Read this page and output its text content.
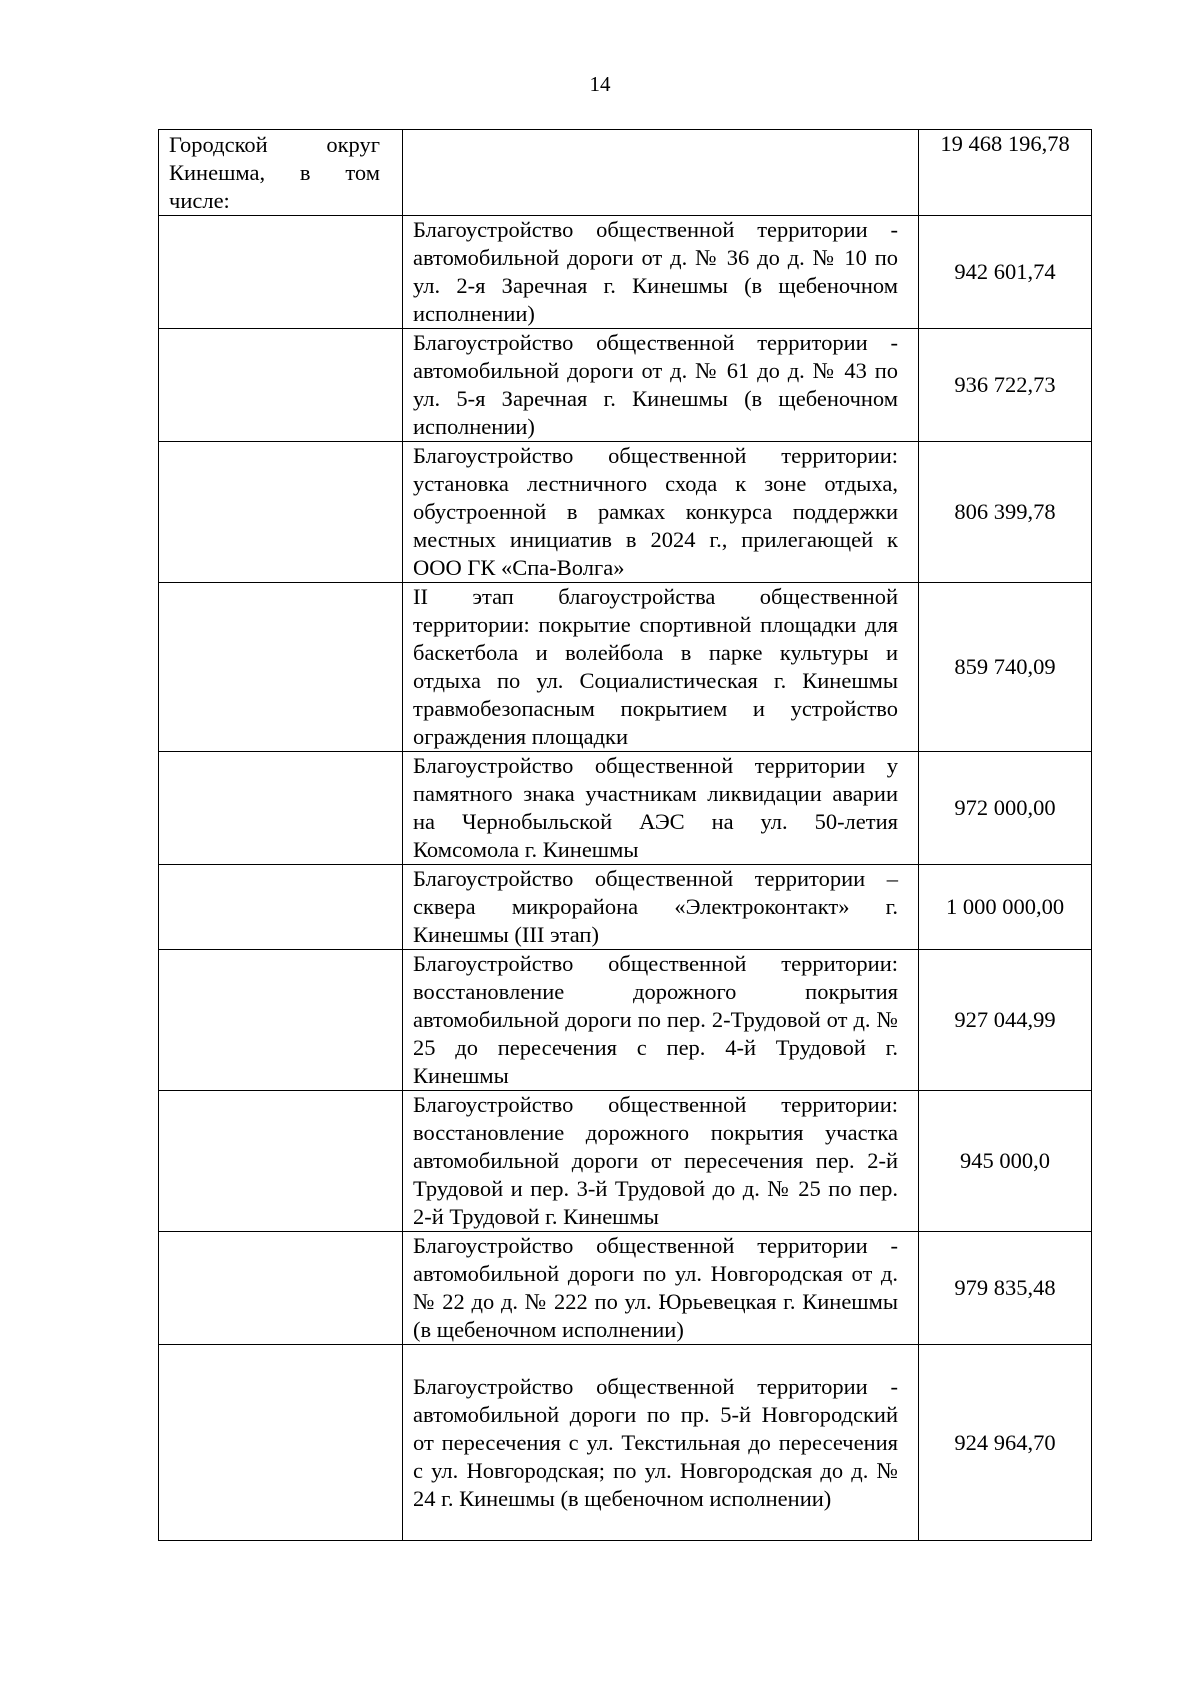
14
Городской округ Кинешма, в том числе:		19 468 196,78
	Благоустройство общественной территории - автомобильной дороги от д. № 36 до д. № 10 по ул. 2-я Заречная г. Кинешмы (в щебеночном исполнении)	942 601,74
	Благоустройство общественной территории - автомобильной дороги от д. № 61 до д. № 43 по ул. 5-я Заречная г. Кинешмы (в щебеночном исполнении)	936 722,73
	Благоустройство общественной территории: установка лестничного схода к зоне отдыха, обустроенной в рамках конкурса поддержки местных инициатив в 2024 г., прилегающей к ООО ГК «Спа-Волга»	806 399,78
	II этап благоустройства общественной территории: покрытие спортивной площадки для баскетбола и волейбола в парке культуры и отдыха по ул. Социалистическая г. Кинешмы травмобезопасным покрытием и устройство ограждения площадки	859 740,09
	Благоустройство общественной территории у памятного знака участникам ликвидации аварии на Чернобыльской АЭС на ул. 50-летия Комсомола г. Кинешмы	972 000,00
	Благоустройство общественной территории – сквера микрорайона «Электроконтакт» г. Кинешмы (III этап)	1 000 000,00
	Благоустройство общественной территории: восстановление дорожного покрытия автомобильной дороги по пер. 2-Трудовой от д. № 25 до пересечения с пер. 4-й Трудовой г. Кинешмы	927 044,99
	Благоустройство общественной территории: восстановление дорожного покрытия участка автомобильной дороги от пересечения пер. 2-й Трудовой и пер. 3-й Трудовой до д. № 25 по пер. 2-й Трудовой г. Кинешмы	945 000,0
	Благоустройство общественной территории - автомобильной дороги по ул. Новгородская от д. № 22 до д. № 222 по ул. Юрьевецкая г. Кинешмы (в щебеночном исполнении)	979 835,48
	Благоустройство общественной территории - автомобильной дороги по пр. 5-й Новгородский от пересечения с ул. Текстильная до пересечения с ул. Новгородская; по ул. Новгородская до д. № 24 г. Кинешмы (в щебеночном исполнении)	924 964,70
